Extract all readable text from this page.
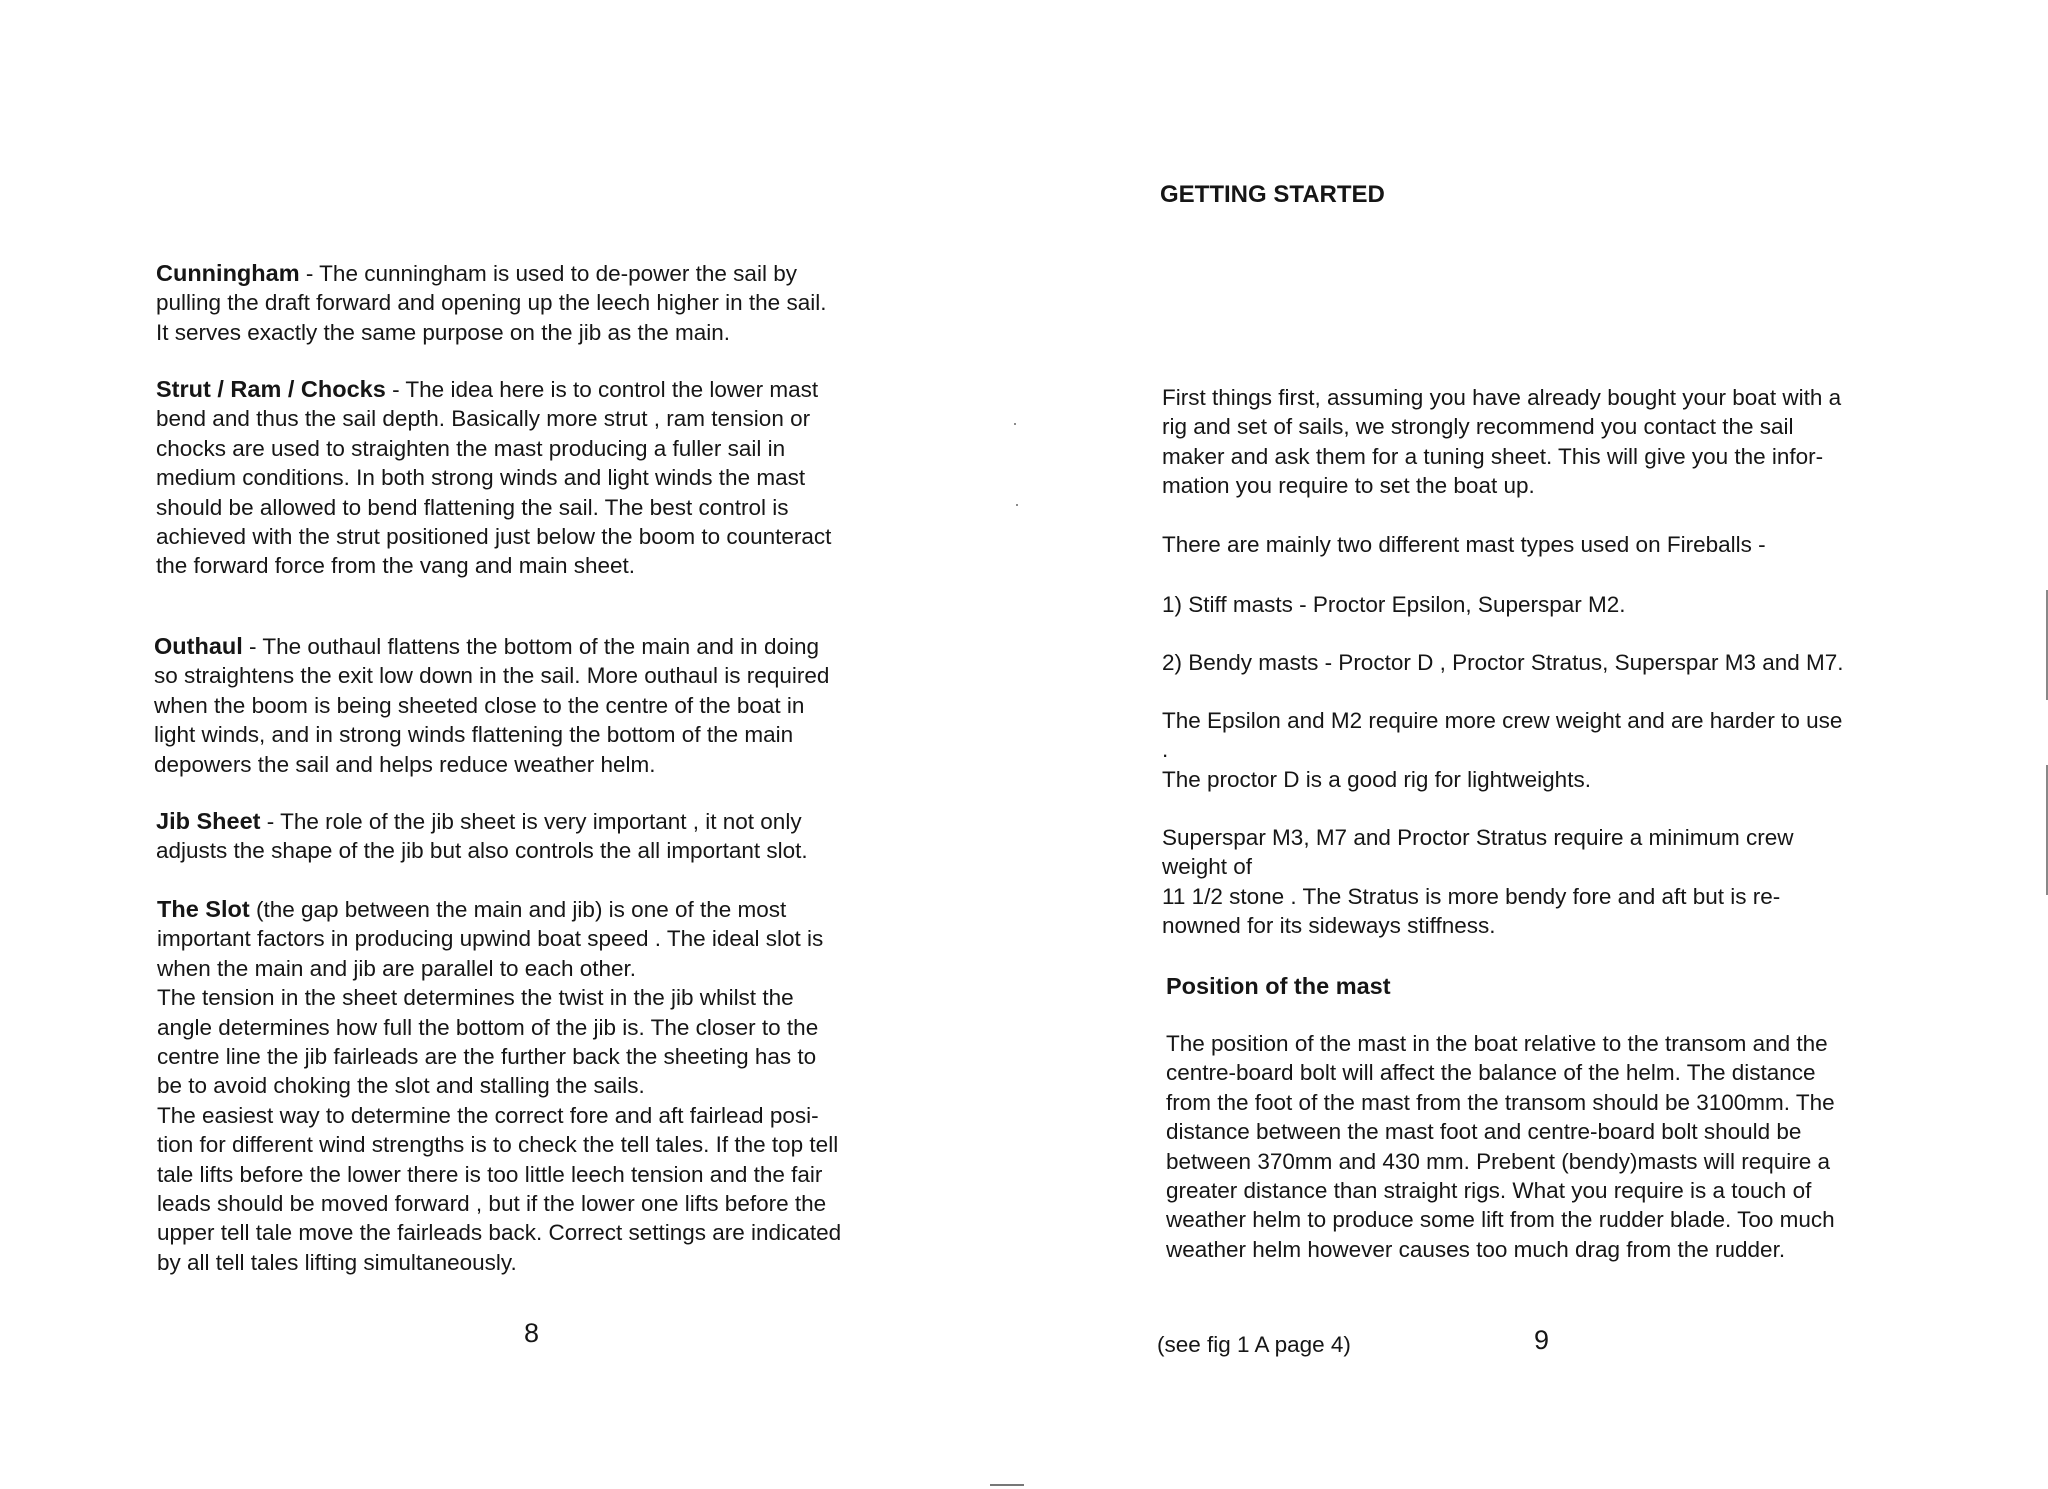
Cunningham - The cunningham is used to de-power the sail by
pulling the draft forward and opening up the leech higher in the sail.
It serves exactly the same purpose on the jib as the main.

Strut / Ram / Chocks - The idea here is to control the lower mast
bend and thus the sail depth. Basically more strut , ram tension or
chocks are used to straighten the mast producing a fuller sail in
medium conditions. In both strong winds and light winds the mast
should be allowed to bend flattening the sail. The best control is
achieved with the strut positioned just below the boom to counteract
the forward force from the vang and main sheet.

Outhaul - The outhaul flattens the bottom of the main and in doing
so straightens the exit low down in the sail. More outhaul is required
when the boom is being sheeted close to the centre of the boat in
light winds, and in strong winds flattening the bottom of the main
depowers the sail and helps reduce weather helm.

Jib Sheet - The role of the jib sheet is very important , it not only
adjusts the shape of the jib but also controls the all important slot.

The Slot (the gap between the main and jib) is one of the most
important factors in producing upwind boat speed . The ideal slot is
when the main and jib are parallel to each other.
The tension in the sheet determines the twist in the jib whilst the
angle determines how full the bottom of the jib is. The closer to the
centre line the jib fairleads are the further back the sheeting has to
be to avoid choking the slot and stalling the sails.
The easiest way to determine the correct fore and aft fairlead posi-
tion for different wind strengths is to check the tell tales. If the top tell
tale lifts before the lower there is too little leech tension and the fair
leads should be moved forward , but if the lower one lifts before the
upper tell tale move the fairleads back. Correct settings are indicated
by all tell tales lifting simultaneously.

8
GETTING STARTED

First things first, assuming you have already bought your boat with a
rig and set of sails, we strongly recommend you contact the sail
maker and ask them for a tuning sheet. This will give you the infor-
mation you require to set the boat up.

There are mainly two different mast types used on Fireballs -

1) Stiff masts - Proctor Epsilon, Superspar M2.

2) Bendy masts - Proctor D , Proctor Stratus, Superspar M3 and M7.

The Epsilon and M2 require more crew weight and are harder to use
.

The proctor D is a good rig for lightweights.

Superspar M3, M7 and Proctor Stratus require a minimum crew
weight of
11 1/2 stone . The Stratus is more bendy fore and aft but is re-
nowned for its sideways stiffness.

Position of the mast

The position of the mast in the boat relative to the transom and the
centre-board bolt will affect the balance of the helm. The distance
from the foot of the mast from the transom should be 3100mm. The
distance between the mast foot and centre-board bolt should be
between 370mm and 430 mm. Prebent (bendy)masts will require a
greater distance than straight rigs. What you require is a touch of
weather helm to produce some lift from the rudder blade. Too much
weather helm however causes too much drag from the rudder.

(see fig 1 A page 4)	9
